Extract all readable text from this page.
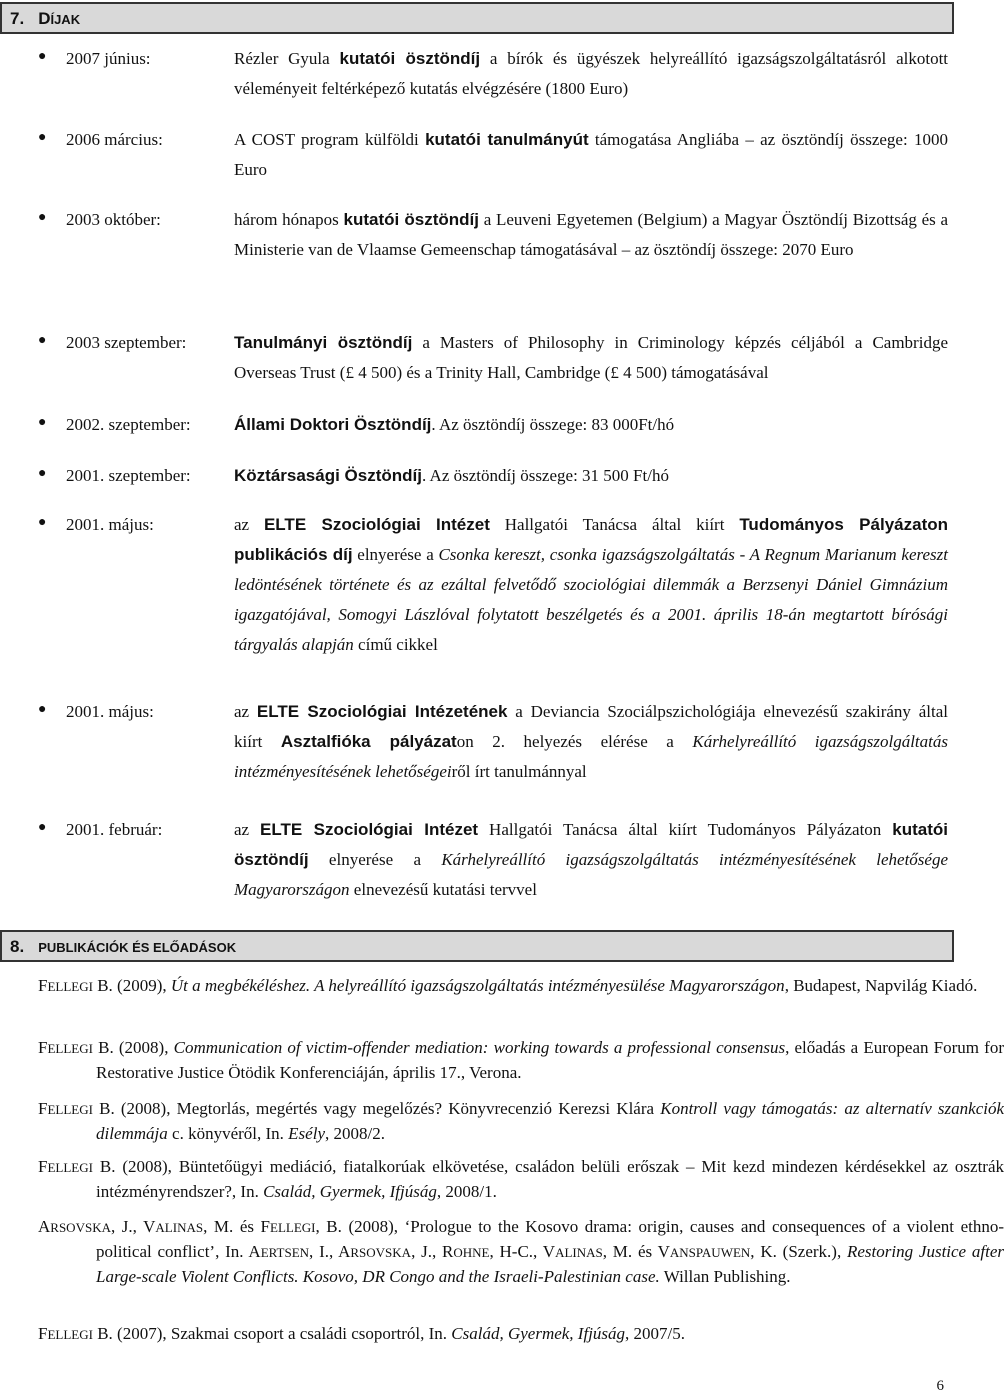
7. DÍJAK
● 2007 június:	Rézler Gyula kutatói ösztöndíj a bírók és ügyészek helyreállító igazságszolgáltatásról alkotott véleményeit feltérképező kutatás elvégzésére (1800 Euro)
● 2006 március:	A COST program külföldi kutatói tanulmányút támogatása Angliába – az ösztöndíj összege: 1000 Euro
● 2003 október:	három hónapos kutatói ösztöndíj a Leuveni Egyetemen (Belgium) a Magyar Ösztöndíj Bizottság és a Ministerie van de Vlaamse Gemeenschap támogatásával – az ösztöndíj összege: 2070 Euro
● 2003 szeptember:	Tanulmányi ösztöndíj a Masters of Philosophy in Criminology képzés céljából a Cambridge Overseas Trust (£ 4 500) és a Trinity Hall, Cambridge (£ 4 500) támogatásával
● 2002. szeptember:	Állami Doktori Ösztöndíj. Az ösztöndíj összege: 83 000Ft/hó
● 2001. szeptember:	Köztársasági Ösztöndíj. Az ösztöndíj összege: 31 500 Ft/hó
● 2001. május:	az ELTE Szociológiai Intézet Hallgatói Tanácsa által kiírt Tudományos Pályázaton publikációs díj elnyerése a Csonka kereszt, csonka igazságszolgáltatás - A Regnum Marianum kereszt ledöntésének története és az ezáltal felvetődő szociológiai dilemmák a Berzsenyi Dániel Gimnázium igazgatójával, Somogyi Lászlóval folytatott beszélgetés és a 2001. április 18-án megtartott bírósági tárgyalás alapján című cikkel
● 2001. május:	az ELTE Szociológiai Intézetének a Deviancia Szociálpszichológiája elnevezésű szakirány által kiírt Asztalfiókа pályázaton 2. helyezés elérése a Kárhelyreállító igazságszolgáltatás intézményesítésének lehetőségeiről írt tanulmánnyal
● 2001. február:	az ELTE Szociológiai Intézet Hallgatói Tanácsa által kiírt Tudományos Pályázaton kutatói ösztöndíj elnyerése a Kárhelyreállító igazságszolgáltatás intézményesítésének lehetősége Magyarországon elnevezésű kutatási tervvel
8. PUBLIKÁCIÓK ÉS ELŐADÁSOK
FELLEGI B. (2009), Út a megbékéléshez. A helyreállító igazságszolgáltatás intézményesülése Magyarországon, Budapest, Napvilág Kiadó.
FELLEGI B. (2008), Communication of victim-offender mediation: working towards a professional consensus, előadás a European Forum for Restorative Justice Ötödik Konferenciáján, április 17., Verona.
FELLEGI B. (2008), Megtorlás, megértés vagy megelőzés? Könyvrecenzió Kerezsi Klára Kontroll vagy támogatás: az alternatív szankciók dilemmája c. könyvéről, In. Esély, 2008/2.
FELLEGI B. (2008), Büntetőügyi mediáció, fiatalkorúak elkövetése, családon belüli erőszak – Mit kezd mindezen kérdésekkel az osztrák intézményrendszer?, In. Család, Gyermek, Ifjúság, 2008/1.
ARSOVSKA, J., VALINAS, M. és FELLEGI, B. (2008), ‘Prologue to the Kosovo drama: origin, causes and consequences of a violent ethno-political conflict’, In. AERTSEN, I., ARSOVSKA, J., ROHNE, H-C., VALINAS, M. és VANSPAUWEN, K. (Szerk.), Restoring Justice after Large-scale Violent Conflicts. Kosovo, DR Congo and the Israeli-Palestinian case. Willan Publishing.
FELLEGI B. (2007), Szakmai csoport a családi csoportról, In. Család, Gyermek, Ifjúság, 2007/5.
6
